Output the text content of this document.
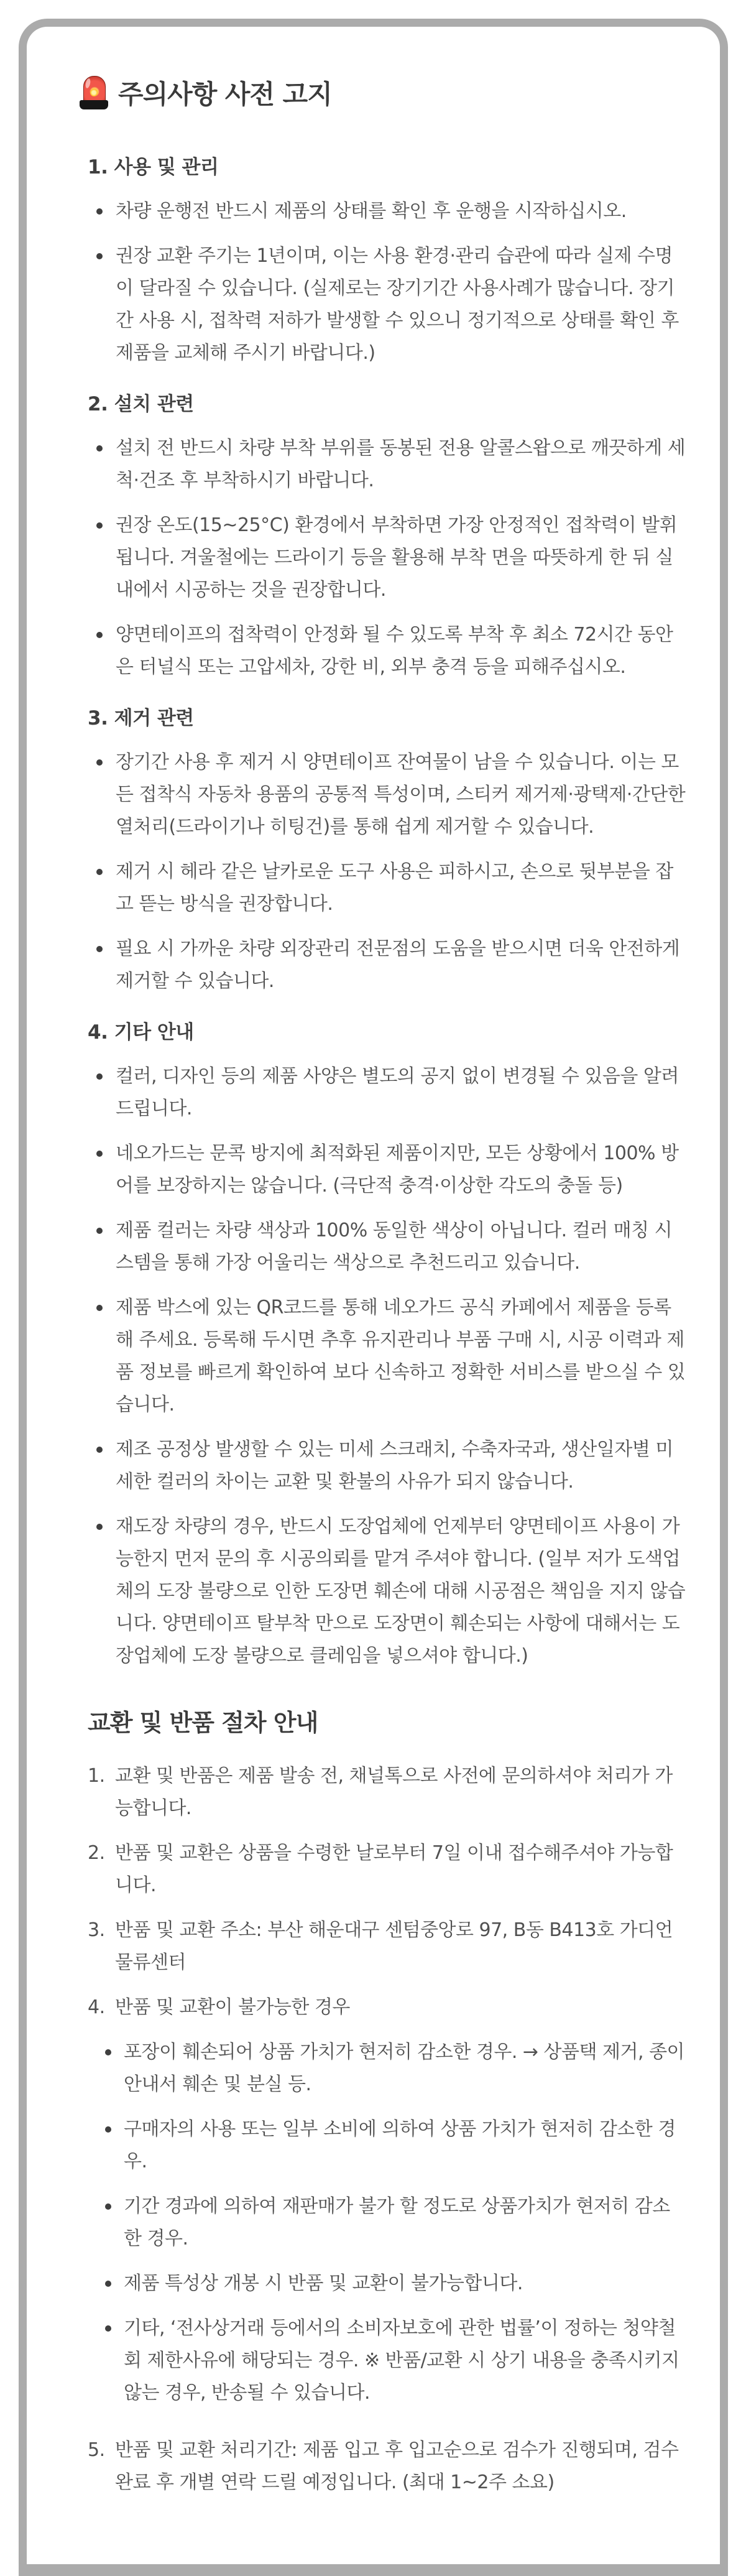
주의사항 사전 고지
1. 사용 및 관리
차량 운행전 반드시 제품의 상태를 확인 후 운행을 시작하십시오.
권장 교환 주기는 1년이며, 이는 사용 환경·관리 습관에 따라 실제 수명이 달라질 수 있습니다. (실제로는 장기기간 사용사례가 많습니다. 장기간 사용 시, 접착력 저하가 발생할 수 있으니 정기적으로 상태를 확인 후 제품을 교체해 주시기 바랍니다.)
2. 설치 관련
설치 전 반드시 차량 부착 부위를 동봉된 전용 알콜스왑으로 깨끗하게 세척·건조 후 부착하시기 바랍니다.
권장 온도(15~25°C) 환경에서 부착하면 가장 안정적인 접착력이 발휘됩니다. 겨울철에는 드라이기 등을 활용해 부착 면을 따뜻하게 한 뒤 실내에서 시공하는 것을 권장합니다.
양면테이프의 접착력이 안정화 될 수 있도록 부착 후 최소 72시간 동안은 터널식 또는 고압세차, 강한 비, 외부 충격 등을 피해주십시오.
3. 제거 관련
장기간 사용 후 제거 시 양면테이프 잔여물이 남을 수 있습니다. 이는 모든 접착식 자동차 용품의 공통적 특성이며, 스티커 제거제·광택제·간단한 열처리(드라이기나 히팅건)를 통해 쉽게 제거할 수 있습니다.
제거 시 헤라 같은 날카로운 도구 사용은 피하시고, 손으로 뒷부분을 잡고 뜯는 방식을 권장합니다.
필요 시 가까운 차량 외장관리 전문점의 도움을 받으시면 더욱 안전하게 제거할 수 있습니다.
4. 기타 안내
컬러, 디자인 등의 제품 사양은 별도의 공지 없이 변경될 수 있음을 알려드립니다.
네오가드는 문콕 방지에 최적화된 제품이지만, 모든 상황에서 100% 방어를 보장하지는 않습니다. (극단적 충격·이상한 각도의 충돌 등)
제품 컬러는 차량 색상과 100% 동일한 색상이 아닙니다. 컬러 매칭 시스템을 통해 가장 어울리는 색상으로 추천드리고 있습니다.
제품 박스에 있는 QR코드를 통해 네오가드 공식 카페에서 제품을 등록해 주세요. 등록해 두시면 추후 유지관리나 부품 구매 시, 시공 이력과 제품 정보를 빠르게 확인하여 보다 신속하고 정확한 서비스를 받으실 수 있습니다.
제조 공정상 발생할 수 있는 미세 스크래치, 수축자국과, 생산일자별 미세한 컬러의 차이는 교환 및 환불의 사유가 되지 않습니다.
재도장 차량의 경우, 반드시 도장업체에 언제부터 양면테이프 사용이 가능한지 먼저 문의 후 시공의뢰를 맡겨 주셔야 합니다. (일부 저가 도색업체의 도장 불량으로 인한 도장면 훼손에 대해 시공점은 책임을 지지 않습니다. 양면테이프 탈부착 만으로 도장면이 훼손되는 사항에 대해서는 도장업체에 도장 불량으로 클레임을 넣으셔야 합니다.)
교환 및 반품 절차 안내
1. 교환 및 반품은 제품 발송 전, 채널톡으로 사전에 문의하셔야 처리가 가능합니다.
2. 반품 및 교환은 상품을 수령한 날로부터 7일 이내 접수해주셔야 가능합니다.
3. 반품 및 교환 주소: 부산 해운대구 센텀중앙로 97, B동 B413호 가디언 물류센터
4. 반품 및 교환이 불가능한 경우
포장이 훼손되어 상품 가치가 현저히 감소한 경우. → 상품택 제거, 종이 안내서 훼손 및 분실 등.
구매자의 사용 또는 일부 소비에 의하여 상품 가치가 현저히 감소한 경우.
기간 경과에 의하여 재판매가 불가 할 정도로 상품가치가 현저히 감소한 경우.
제품 특성상 개봉 시 반품 및 교환이 불가능합니다.
기타, ‘전사상거래 등에서의 소비자보호에 관한 법률’이 정하는 청약철회 제한사유에 해당되는 경우. ※ 반품/교환 시 상기 내용을 충족시키지 않는 경우, 반송될 수 있습니다.
5. 반품 및 교환 처리기간: 제품 입고 후 입고순으로 검수가 진행되며, 검수 완료 후 개별 연락 드릴 예정입니다. (최대 1~2주 소요)
